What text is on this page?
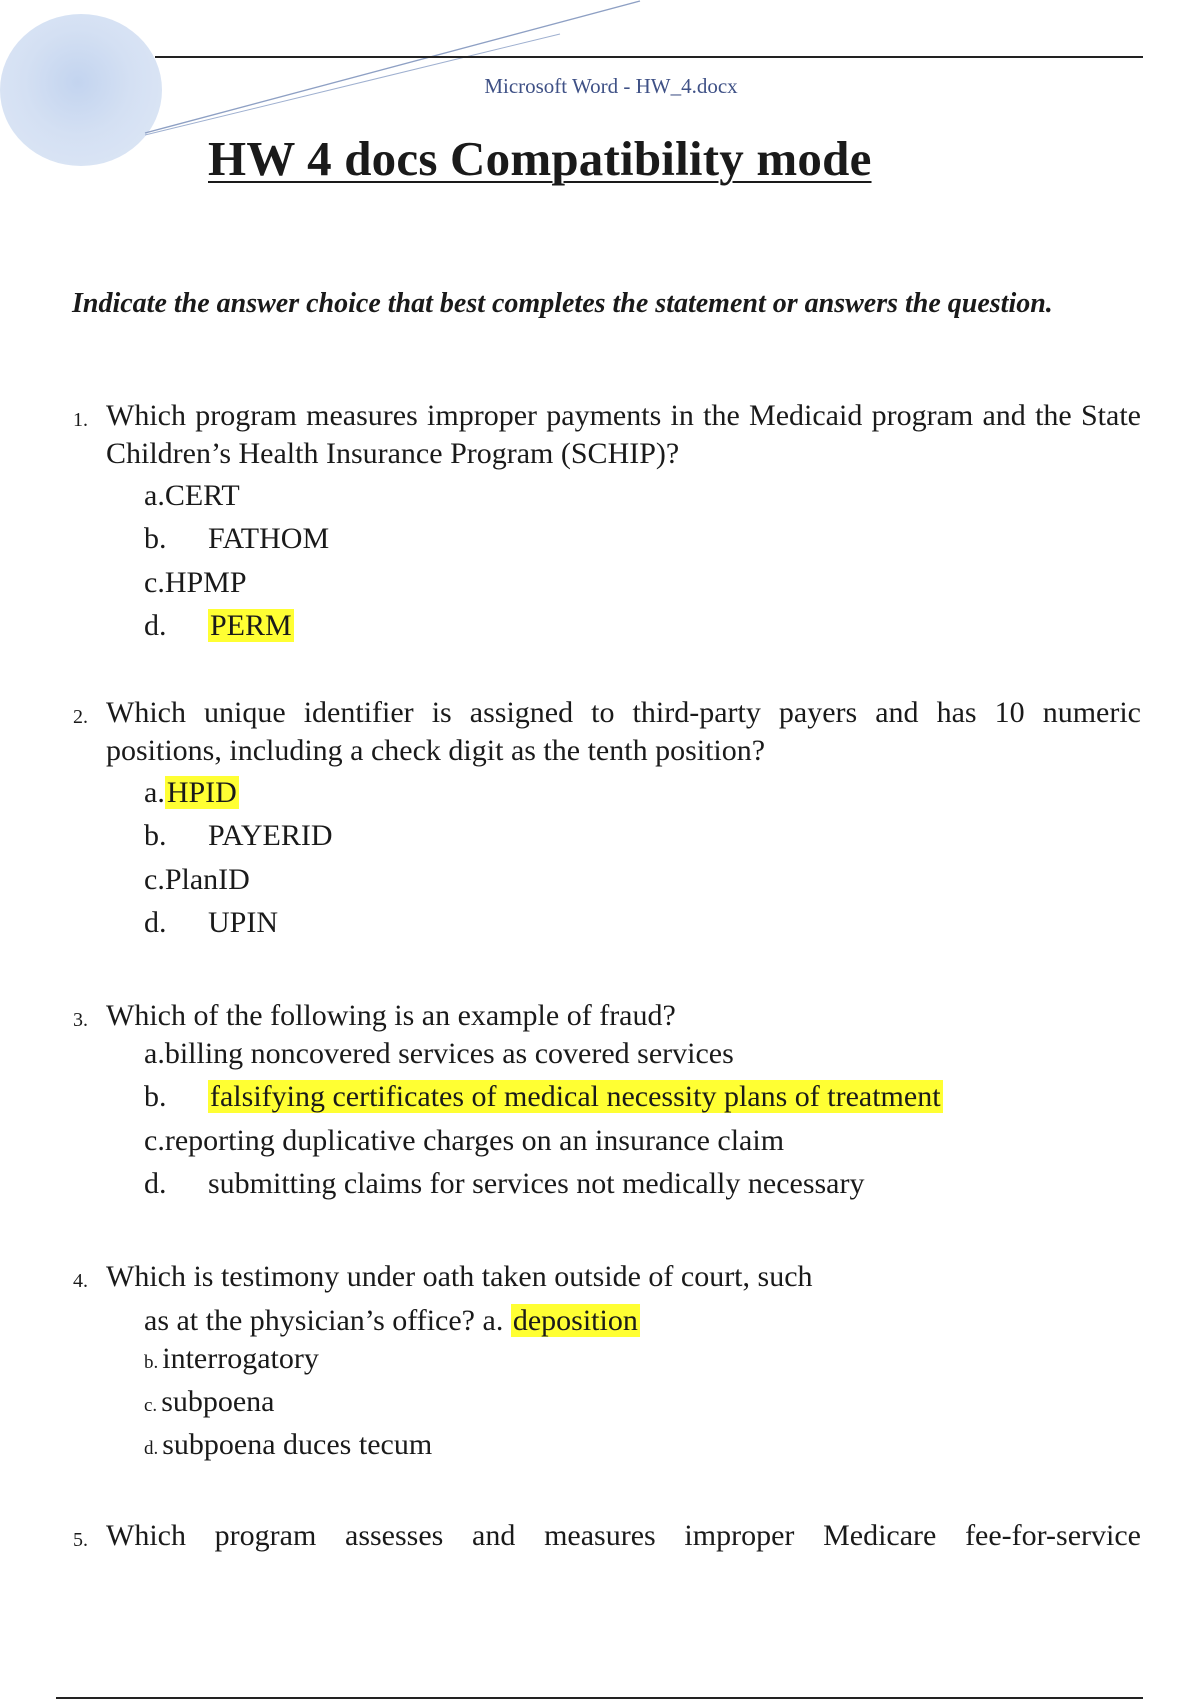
Microsoft Word - HW_4.docx
HW 4 docs Compatibility mode

Indicate the answer choice that best completes the statement or answers the question.

1. Which program measures improper payments in the Medicaid program and the State Children’s Health Insurance Program (SCHIP)?

a.CERT
b. FATHOM
c.HPMP
d. PERM
2. Which unique identifier is assigned to third-party payers and has 10 numeric positions, including a check digit as the tenth position?

a.HPID
b. PAYERID
c.PlanID
d. UPIN
3. Which of the following is an example of fraud?

a.billing noncovered services as covered services
b. falsifying certificates of medical necessity plans of treatment
c.reporting duplicative charges on an insurance claim
d. submitting claims for services not medically necessary
4. Which is testimony under oath taken outside of court, such

as at the physician’s office? a. deposition
b. interrogatory
c. subpoena
d. subpoena duces tecum
5. Which program assesses and measures improper Medicare fee-for-service
